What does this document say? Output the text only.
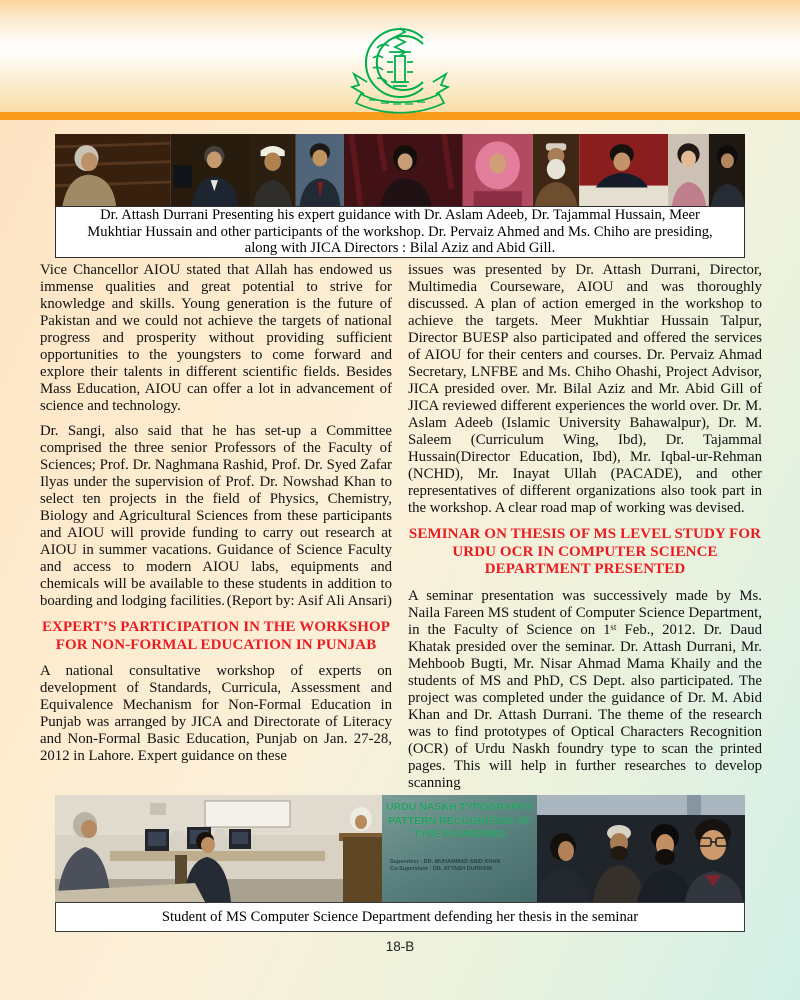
Dr. Attash Durrani Presenting his expert guidance with Dr. Aslam Adeeb, Dr. Tajammal Hussain, Meer Mukhtiar Hussain and other participants of the workshop. Dr. Pervaiz Ahmed and Ms. Chiho are presiding, along with JICA Directors : Bilal Aziz and Abid Gill.

Vice Chancellor AIOU stated that Allah has endowed us immense qualities and great potential to strive for knowledge and skills. Young generation is the future of Pakistan and we could not achieve the targets of national progress and prosperity without providing sufficient opportunities to the youngsters to come forward and explore their talents in different scientific fields. Besides Mass Education, AIOU can offer a lot in advancement of science and technology.

Dr. Sangi, also said that he has set-up a Committee comprised the three senior Professors of the Faculty of Sciences; Prof. Dr. Naghmana Rashid, Prof. Dr. Syed Zafar Ilyas under the supervision of Prof. Dr. Nowshad Khan to select ten projects in the field of Physics, Chemistry, Biology and Agricultural Sciences from these participants and AIOU will provide funding to carry out research at AIOU in summer vacations. Guidance of Science Faculty and access to modern AIOU labs, equipments and chemicals will be available to these students in addition to boarding and lodging facilities. (Report by: Asif Ali Ansari)

EXPERT’S PARTICIPATION IN THE WORKSHOP FOR NON-FORMAL EDUCATION IN PUNJAB

A national consultative workshop of experts on development of Standards, Curricula, Assessment and Equivalence Mechanism for Non-Formal Education in Punjab was arranged by JICA and Directorate of Literacy and Non-Formal Basic Education, Punjab on Jan. 27-28, 2012 in Lahore. Expert guidance on these

issues was presented by Dr. Attash Durrani, Director, Multimedia Courseware, AIOU and was thoroughly discussed. A plan of action emerged in the workshop to achieve the targets. Meer Mukhtiar Hussain Talpur, Director BUESP also participated and offered the services of AIOU for their centers and courses. Dr. Pervaiz Ahmad Secretary, LNFBE and Ms. Chiho Ohashi, Project Advisor, JICA presided over. Mr. Bilal Aziz and Mr. Abid Gill of JICA reviewed different experiences the world over. Dr. M. Aslam Adeeb (Islamic University Bahawalpur), Dr. M. Saleem (Curriculum Wing, Ibd), Dr. Tajammal Hussain(Director Education, Ibd), Mr. Iqbal-ur-Rehman (NCHD), Mr. Inayat Ullah (PACADE), and other representatives of different organizations also took part in the workshop. A clear road map of working was devised.

SEMINAR ON THESIS OF MS LEVEL STUDY FOR URDU OCR IN COMPUTER SCIENCE DEPARTMENT PRESENTED

A seminar presentation was successively made by Ms. Naila Fareen MS student of Computer Science Department, in the Faculty of Science on 1ˢᵗ Feb., 2012. Dr. Daud Khatak presided over the seminar. Dr. Attash Durrani, Mr. Mehboob Bugti, Mr. Nisar Ahmad Mama Khaily and the students of MS and PhD, CS Dept. also participated. The project was completed under the guidance of Dr. M. Abid Khan and Dr. Attash Durrani. The theme of the research was to find prototypes of Optical Characters Recognition (OCR) of Urdu Naskh foundry type to scan the printed pages. This will help in further researches to develop scanning

URDU NASKH TYPOGRAPHY
PATTERN RECOGNITION OF
TYPE FOUNDRIES
Supervisor : DR. MUHAMMAD ABID KHAN
Co-Supervisor : DR. ATTASH DURRANI
Student of MS Computer Science Department defending her thesis in the seminar
18-B
